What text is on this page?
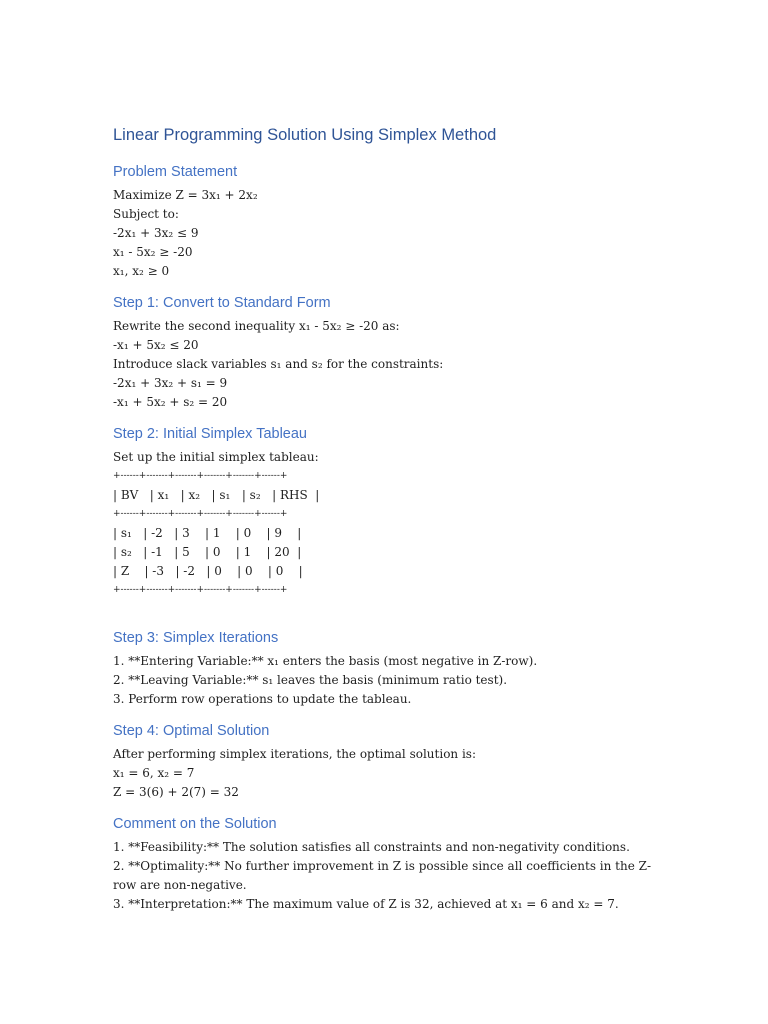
Linear Programming Solution Using Simplex Method
Problem Statement
Maximize Z = 3x₁ + 2x₂
Subject to:
-2x₁ + 3x₂ ≤ 9
x₁ - 5x₂ ≥ -20
x₁, x₂ ≥ 0
Step 1: Convert to Standard Form
Rewrite the second inequality x₁ - 5x₂ ≥ -20 as:
-x₁ + 5x₂ ≤ 20
Introduce slack variables s₁ and s₂ for the constraints:
-2x₁ + 3x₂ + s₁ = 9
-x₁ + 5x₂ + s₂ = 20
Step 2: Initial Simplex Tableau
Set up the initial simplex tableau:
+------+-------+-------+-------+-------+------+
| BV   | x₁   | x₂   | s₁   | s₂   | RHS  |
+------+-------+-------+-------+-------+------+
| s₁   | -2   | 3    | 1    | 0    | 9    |
| s₂   | -1   | 5    | 0    | 1    | 20  |
| Z    | -3   | -2   | 0    | 0    | 0    |
+------+-------+-------+-------+-------+------+
Step 3: Simplex Iterations
1. **Entering Variable:** x₁ enters the basis (most negative in Z-row).
2. **Leaving Variable:** s₁ leaves the basis (minimum ratio test).
3. Perform row operations to update the tableau.
Step 4: Optimal Solution
After performing simplex iterations, the optimal solution is:
x₁ = 6, x₂ = 7
Z = 3(6) + 2(7) = 32
Comment on the Solution
1. **Feasibility:** The solution satisfies all constraints and non-negativity conditions.
2. **Optimality:** No further improvement in Z is possible since all coefficients in the Z-row are non-negative.
3. **Interpretation:** The maximum value of Z is 32, achieved at x₁ = 6 and x₂ = 7.
